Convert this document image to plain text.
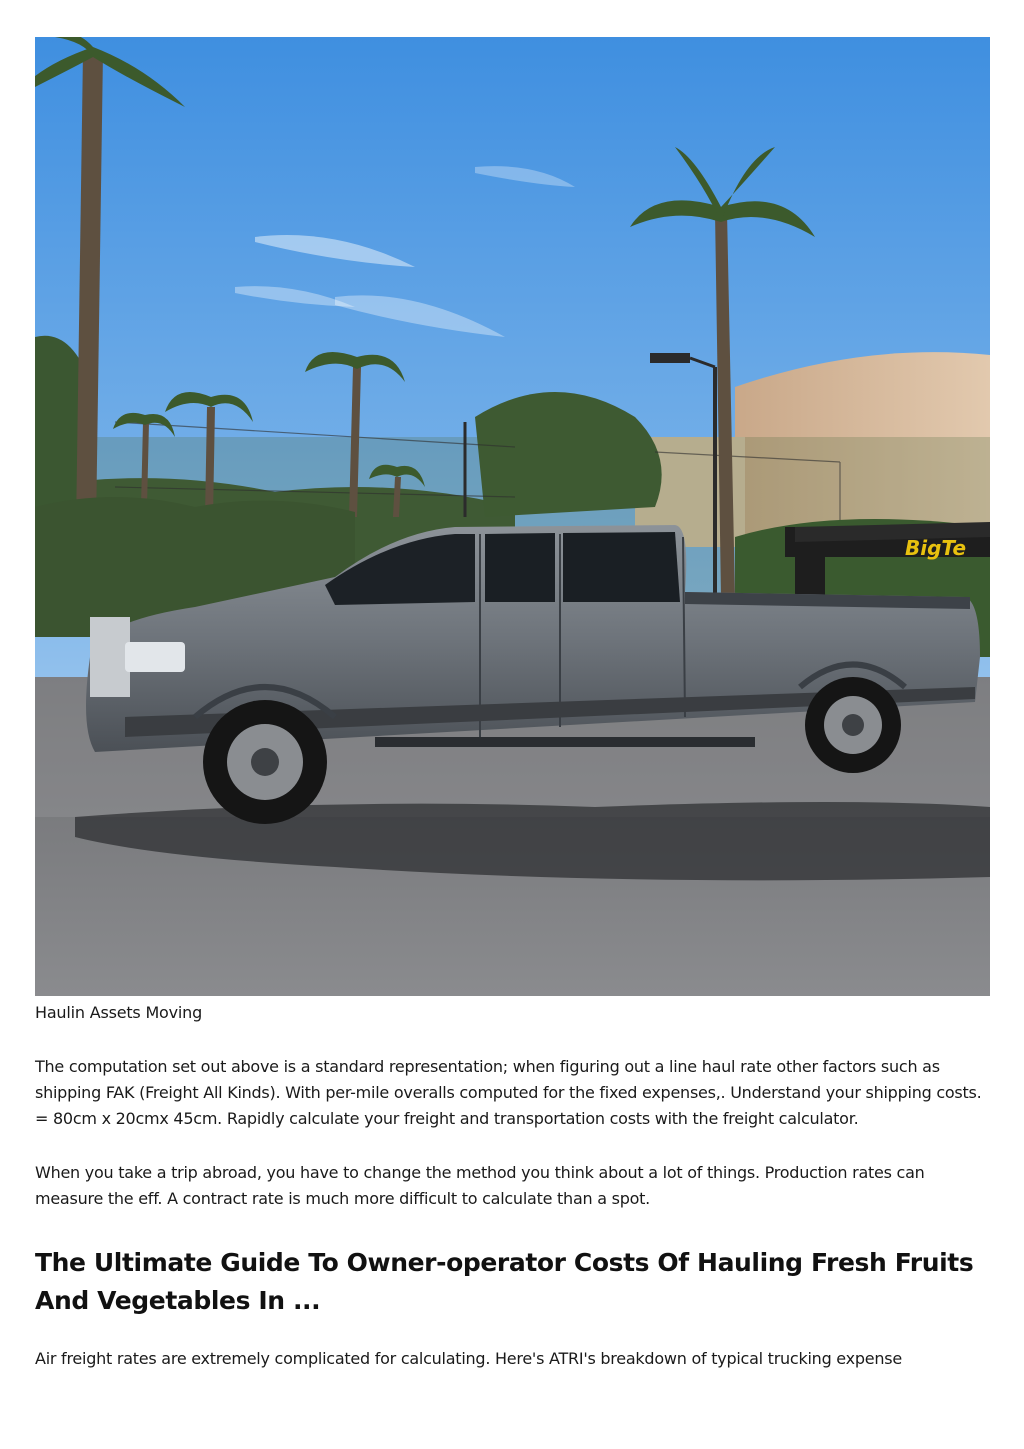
BigTe
Haulin Assets Moving

The computation set out above is a standard representation; when figuring out a line haul rate other factors such as shipping FAK (Freight All Kinds). With per-mile overalls computed for the fixed expenses,. Understand your shipping costs. = 80cm x 20cmx 45cm. Rapidly calculate your freight and transportation costs with the freight calculator.

When you take a trip abroad, you have to change the method you think about a lot of things. Production rates can measure the eff. A contract rate is much more difficult to calculate than a spot.

The Ultimate Guide To Owner-operator Costs Of Hauling Fresh Fruits And Vegetables In ...

Air freight rates are extremely complicated for calculating. Here's ATRI's breakdown of typical trucking expense
